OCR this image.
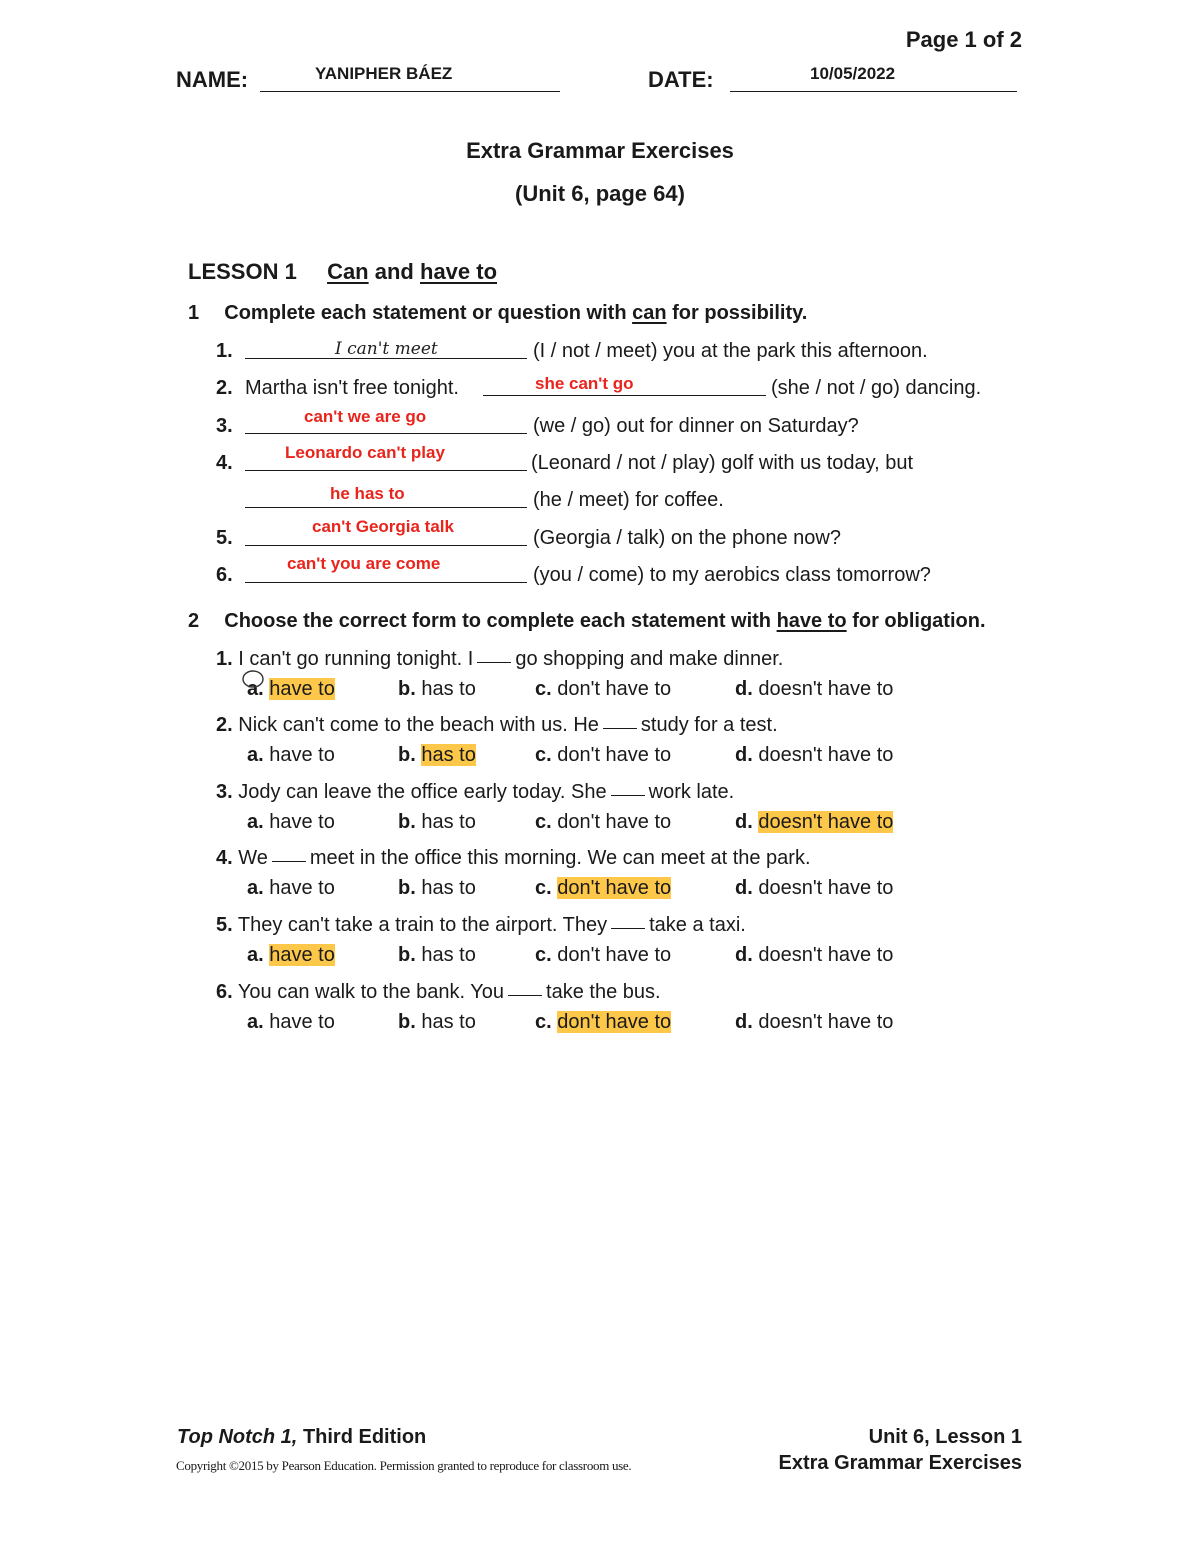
Page 1 of 2
NAME:	YANIPHER BÁEZ	DATE:	10/05/2022
Extra Grammar Exercises
(Unit 6, page 64)
LESSON 1 Can and have to
1 Complete each statement or question with can for possibility.
1.	I can't meet	(I / not / meet) you at the park this afternoon.
2. Martha isn't free tonight.	she can't go	(she / not / go) dancing.
3.	can't we are go	(we / go) out for dinner on Saturday?
4.	Leonardo can't play	(Leonard / not / play) golf with us today, but
he has to	(he / meet) for coffee.
5.
can't Georgia talk
(Georgia / talk) on the phone now?
6.
can't you are come
(you / come) to my aerobics class tomorrow?
2 Choose the correct form to complete each statement with have to for obligation.
1. I can't go running tonight. I go shopping and make dinner.
a. have to	b. has to	c. don't have to	d. doesn't have to
2. Nick can't come to the beach with us. He study for a test.
a. have to	b. has to	c. don't have to	d. doesn't have to
3. Jody can leave the office early today. She work late.
a. have to	b. has to	c. don't have to	d. doesn't have to
4. We meet in the office this morning. We can meet at the park.
a. have to	b. has to	c. don't have to	d. doesn't have to
5. They can't take a train to the airport. They take a taxi.
a. have to	b. has to	c. don't have to	d. doesn't have to
6. You can walk to the bank. You take the bus.
a. have to	b. has to	c. don't have to	d. doesn't have to
Top Notch 1, Third Edition
Copyright ©2015 by Pearson Education. Permission granted to reproduce for classroom use.
Unit 6, Lesson 1
Extra Grammar Exercises
